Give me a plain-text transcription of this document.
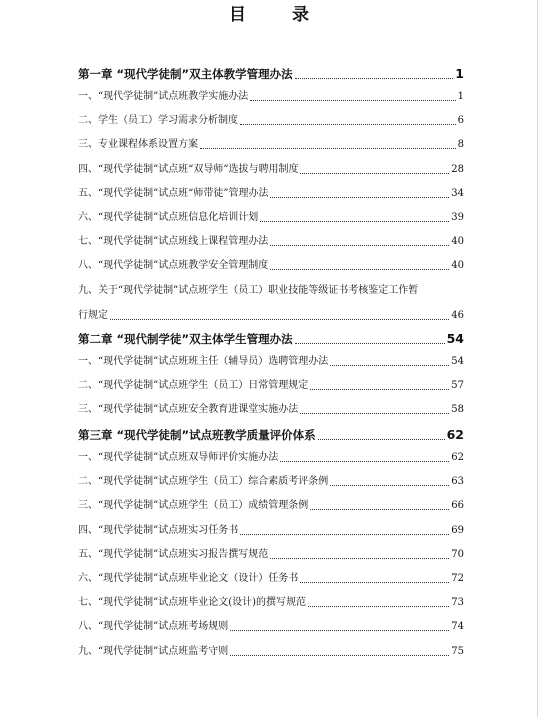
目 录
第一章 “现代学徒制”双主体教学管理办法	1
一、“现代学徒制”试点班教学实施办法	1
二、学生（员工）学习需求分析制度	6
三、专业课程体系设置方案	8
四、“现代学徒制”试点班“双导师”选拔与聘用制度	28
五、“现代学徒制”试点班“师带徒”管理办法	34
六、“现代学徒制”试点班信息化培训计划	39
七、“现代学徒制”试点班线上课程管理办法	40
八、“现代学徒制”试点班教学安全管理制度	40
九、关于“现代学徒制”试点班学生（员工）职业技能等级证书考核鉴定工作暂
行规定	46
第二章 “现代制学徒”双主体学生管理办法	54
一、“现代学徒制”试点班班主任（辅导员）选聘管理办法	54
二、“现代学徒制”试点班学生（员工）日常管理规定	57
三、“现代学徒制”试点班安全教育进课堂实施办法	58
第三章 “现代学徒制”试点班教学质量评价体系	62
一、“现代学徒制”试点班双导师评价实施办法	62
二、“现代学徒制”试点班学生（员工）综合素质考评条例	63
三、“现代学徒制”试点班学生（员工）成绩管理条例	66
四、“现代学徒制”试点班实习任务书	69
五、“现代学徒制”试点班实习报告撰写规范	70
六、“现代学徒制”试点班毕业论文（设计）任务书	72
七、“现代学徒制”试点班毕业论文(设计)的撰写规范	73
八、“现代学徒制”试点班考场规则	74
九、“现代学徒制”试点班监考守则	75
